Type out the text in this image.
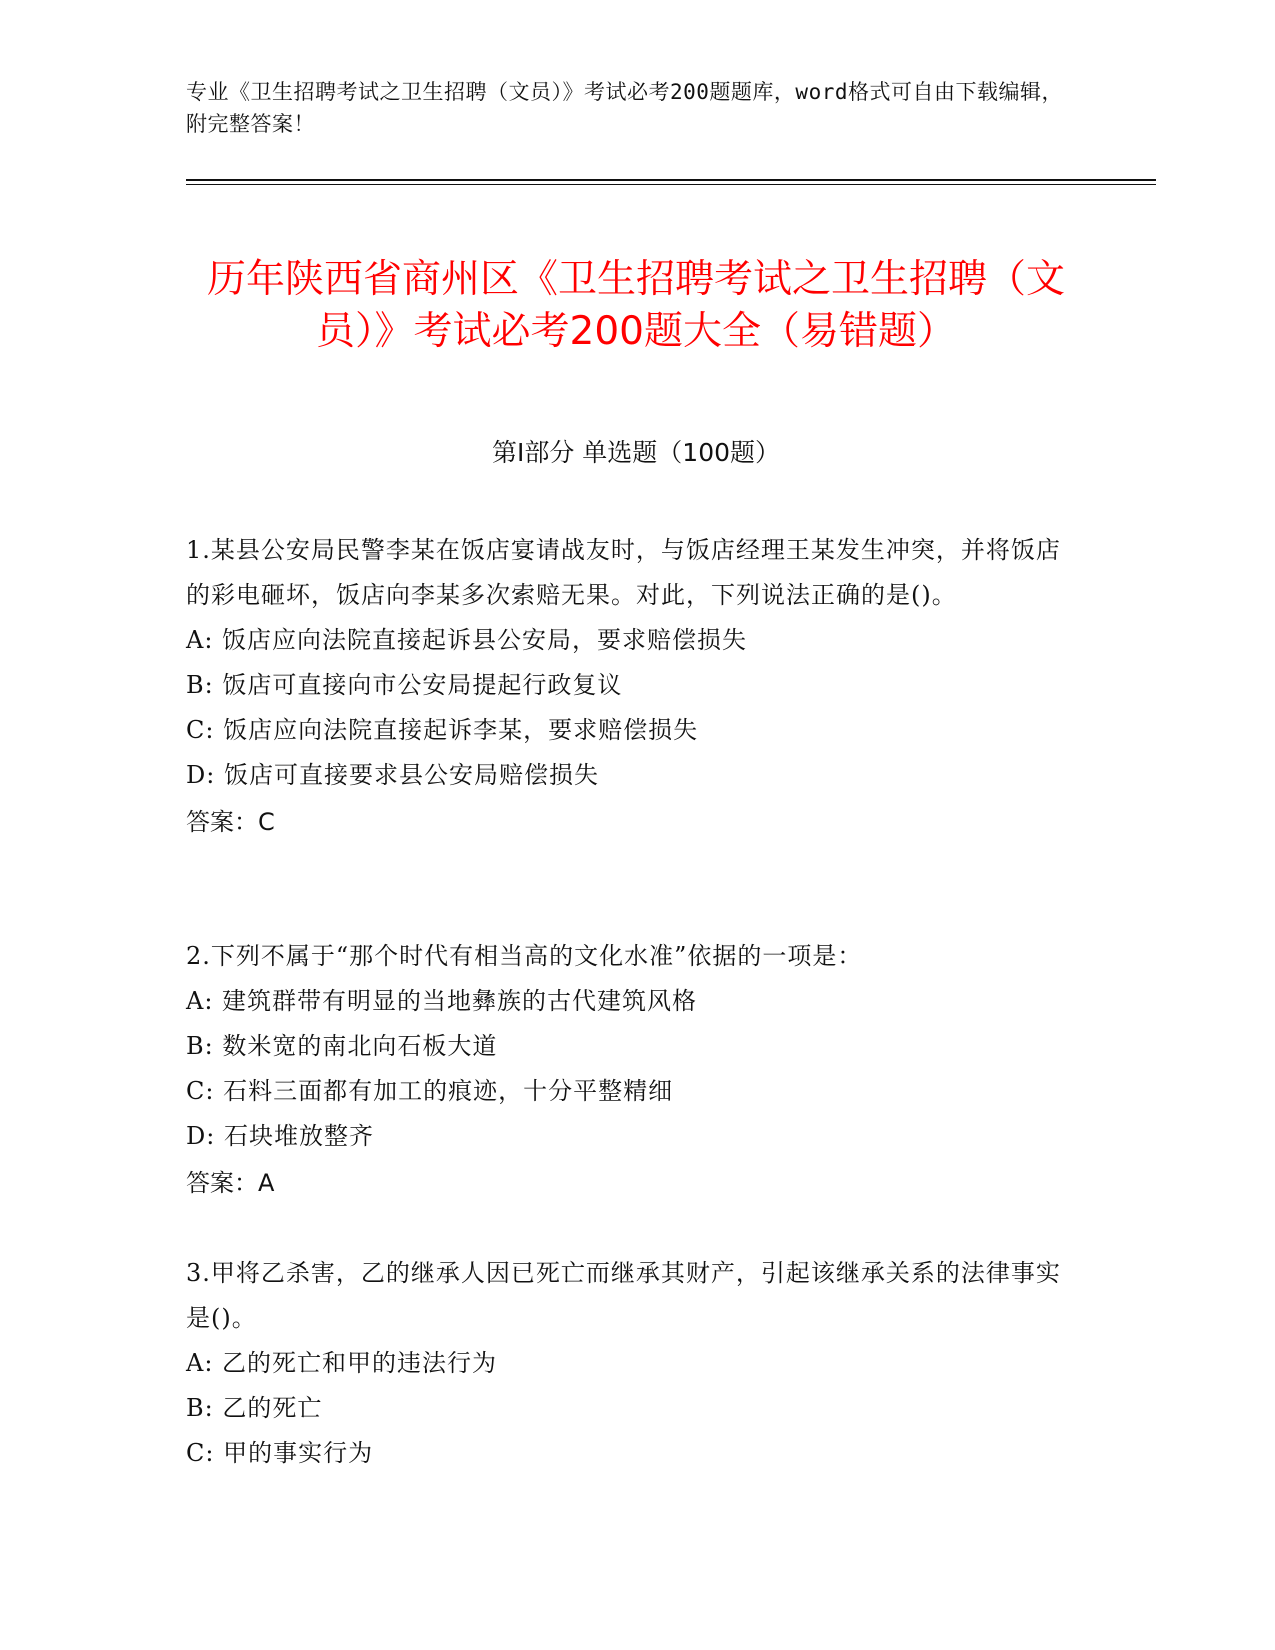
专业《卫生招聘考试之卫生招聘（文员）》考试必考200题题库，word格式可自由下载编辑，附完整答案！
历年陕西省商州区《卫生招聘考试之卫生招聘（文员）》考试必考200题大全（易错题）
第I部分 单选题（100题）

1.某县公安局民警李某在饭店宴请战友时，与饭店经理王某发生冲突，并将饭店的彩电砸坏，饭店向李某多次索赔无果。对此，下列说法正确的是()。

A: 饭店应向法院直接起诉县公安局，要求赔偿损失

B: 饭店可直接向市公安局提起行政复议

C: 饭店应向法院直接起诉李某，要求赔偿损失

D: 饭店可直接要求县公安局赔偿损失

答案：C

2.下列不属于“那个时代有相当高的文化水准”依据的一项是：

A: 建筑群带有明显的当地彝族的古代建筑风格

B: 数米宽的南北向石板大道

C: 石料三面都有加工的痕迹，十分平整精细

D: 石块堆放整齐

答案：A

3.甲将乙杀害，乙的继承人因已死亡而继承其财产，引起该继承关系的法律事实是()。

A: 乙的死亡和甲的违法行为

B: 乙的死亡

C: 甲的事实行为
